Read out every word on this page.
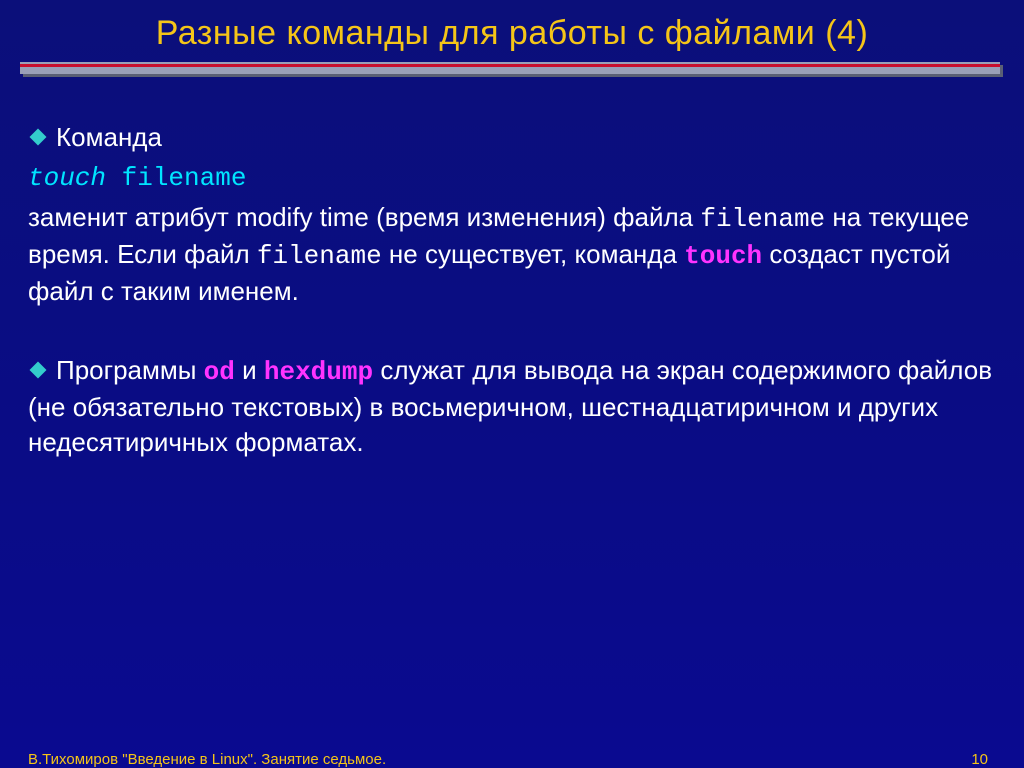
Разные команды для работы с файлами (4)

Команда

touch filename

заменит атрибут modify time (время изменения) файла filename на текущее время. Если файл filename не существует, команда touch создаст пустой файл с таким именем.

Программы od и hexdump служат для вывода на экран содержимого файлов (не обязательно текстовых) в восьмеричном, шестнадцатиричном и других недесятиричных форматах.

В.Тихомиров "Введение в Linux". Занятие седьмое.	10
